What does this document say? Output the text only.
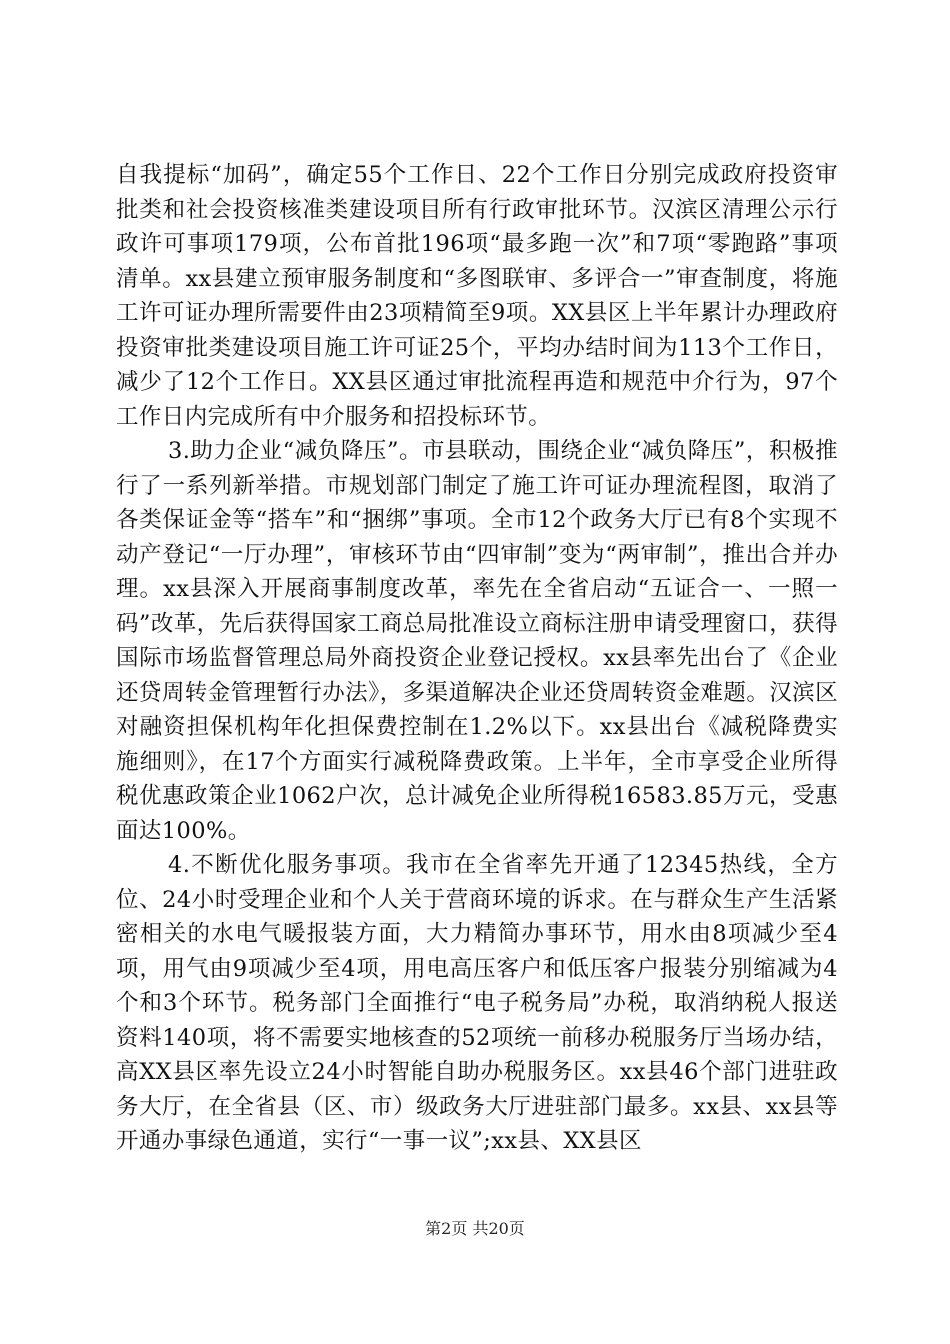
自我提标“加码”，确定55个工作日、22个工作日分别完成政府投资审批类和社会投资核准类建设项目所有行政审批环节。汉滨区清理公示行政许可事项179项，公布首批196项“最多跑一次”和7项“零跑路”事项清单。xx县建立预审服务制度和“多图联审、多评合一”审查制度，将施工许可证办理所需要件由23项精简至9项。XX县区上半年累计办理政府投资审批类建设项目施工许可证25个，平均办结时间为113个工作日，减少了12个工作日。XX县区通过审批流程再造和规范中介行为，97个工作日内完成所有中介服务和招投标环节。

3.助力企业“减负降压”。市县联动，围绕企业“减负降压”，积极推行了一系列新举措。市规划部门制定了施工许可证办理流程图，取消了各类保证金等“搭车”和“捆绑”事项。全市12个政务大厅已有8个实现不动产登记“一厅办理”，审核环节由“四审制”变为“两审制”，推出合并办理。xx县深入开展商事制度改革，率先在全省启动“五证合一、一照一码”改革，先后获得国家工商总局批准设立商标注册申请受理窗口，获得国际市场监督管理总局外商投资企业登记授权。xx县率先出台了《企业还贷周转金管理暂行办法》，多渠道解决企业还贷周转资金难题。汉滨区对融资担保机构年化担保费控制在1.2%以下。xx县出台《减税降费实施细则》，在17个方面实行减税降费政策。上半年，全市享受企业所得税优惠政策企业1062户次，总计减免企业所得税16583.85万元，受惠面达100%。

4.不断优化服务事项。我市在全省率先开通了12345热线，全方位、24小时受理企业和个人关于营商环境的诉求。在与群众生产生活紧密相关的水电气暖报装方面，大力精简办事环节，用水由8项减少至4项，用气由9项减少至4项，用电高压客户和低压客户报装分别缩减为4个和3个环节。税务部门全面推行“电子税务局”办税，取消纳税人报送资料140项，将不需要实地核查的52项统一前移办税服务厅当场办结，高XX县区率先设立24小时智能自助办税服务区。xx县46个部门进驻政务大厅，在全省县（区、市）级政务大厅进驻部门最多。xx县、xx县等开通办事绿色通道，实行“一事一议”;xx县、XX县区

第2页 共20页
